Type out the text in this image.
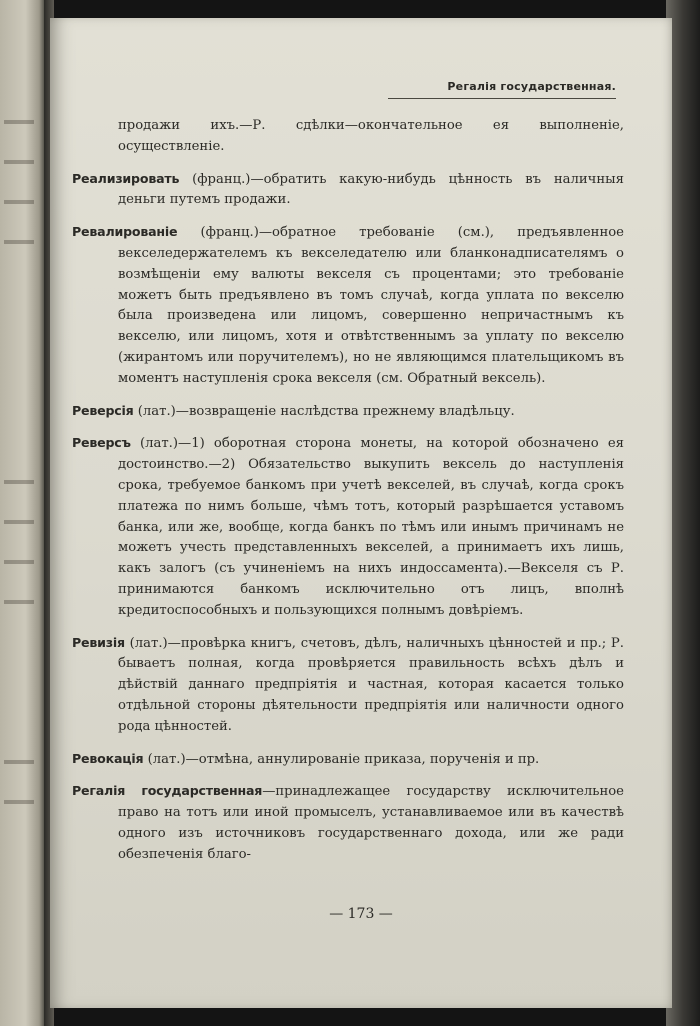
Регалія государственная.

продажи ихъ.—Р. сдѣлки—окончательное ея выполненіе, осуществленіе.

Реализировать (франц.)—обратить какую-нибудь цѣнность въ наличныя деньги путемъ продажи.

Ревалированіе (франц.)—обратное требованіе (см.), предъявленное векселедержателемъ къ векселедателю или бланконадписателямъ о возмѣщеніи ему валюты векселя съ процентами; это требованіе можетъ быть предъявлено въ томъ случаѣ, когда уплата по векселю была произведена или лицомъ, совершенно непричастнымъ къ векселю, или лицомъ, хотя и отвѣтственнымъ за уплату по векселю (жирантомъ или поручителемъ), но не являющимся плательщикомъ въ моментъ наступленія срока векселя (см. Обратный вексель).

Реверсія (лат.)—возвращеніе наслѣдства прежнему владѣльцу.

Реверсъ (лат.)—1) оборотная сторона монеты, на которой обозначено ея достоинство.—2) Обязательство выкупить вексель до наступленія срока, требуемое банкомъ при учетѣ векселей, въ случаѣ, когда срокъ платежа по нимъ больше, чѣмъ тотъ, который разрѣшается уставомъ банка, или же, вообще, когда банкъ по тѣмъ или инымъ причинамъ не можетъ учесть представленныхъ векселей, а принимаетъ ихъ лишь, какъ залогъ (съ учиненіемъ на нихъ индоссамента).—Векселя съ Р. принимаются банкомъ исключительно отъ лицъ, вполнѣ кредитоспособныхъ и пользующихся полнымъ довѣріемъ.

Ревизія (лат.)—провѣрка книгъ, счетовъ, дѣлъ, наличныхъ цѣнностей и пр.; Р. бываетъ полная, когда провѣряется правильность всѣхъ дѣлъ и дѣйствій даннаго предпріятія и частная, которая касается только отдѣльной стороны дѣятельности предпріятія или наличности одного рода цѣнностей.

Ревокація (лат.)—отмѣна, аннулированіе приказа, порученія и пр.

Регалія государственная—принадлежащее государству исключительное право на тотъ или иной промыселъ, устанавливаемое или въ качествѣ одного изъ источниковъ государственнаго дохода, или же ради обезпеченія благо-

— 173 —
